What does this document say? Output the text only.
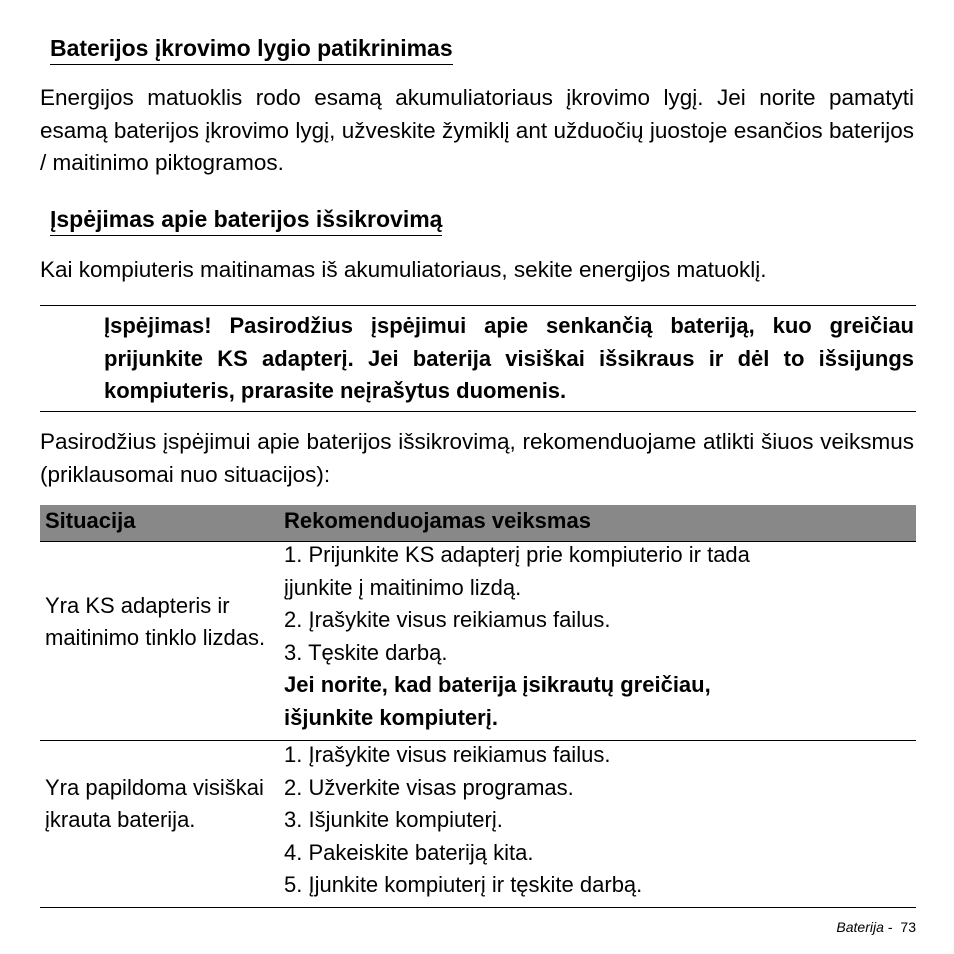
Baterijos įkrovimo lygio patikrinimas

Energijos matuoklis rodo esamą akumuliatoriaus įkrovimo lygį. Jei norite pamatyti esamą baterijos įkrovimo lygį, užveskite žymiklį ant užduočių juostoje esančios baterijos / maitinimo piktogramos.

Įspėjimas apie baterijos išsikrovimą

Kai kompiuteris maitinamas iš akumuliatoriaus, sekite energijos matuoklį.

Įspėjimas! Pasirodžius įspėjimui apie senkančią bateriją, kuo greičiau prijunkite KS adapterį. Jei baterija visiškai išsikraus ir dėl to išsijungs kompiuteris, prarasite neįrašytus duomenis.

Pasirodžius įspėjimui apie baterijos išsikrovimą, rekomenduojame atlikti šiuos veiksmus (priklausomai nuo situacijos):

Situacija	Rekomenduojamas veiksmas
Yra KS adapteris ir maitinimo tinklo lizdas.
1. Prijunkite KS adapterį prie kompiuterio ir tada
įjunkite į maitinimo lizdą.
2. Įrašykite visus reikiamus failus.
3. Tęskite darbą.
Jei norite, kad baterija įsikrautų greičiau,
išjunkite kompiuterį.
Yra papildoma visiškai įkrauta baterija.
1. Įrašykite visus reikiamus failus.
2. Užverkite visas programas.
3. Išjunkite kompiuterį.
4. Pakeiskite bateriją kita.
5. Įjunkite kompiuterį ir tęskite darbą.
Baterija - 73
